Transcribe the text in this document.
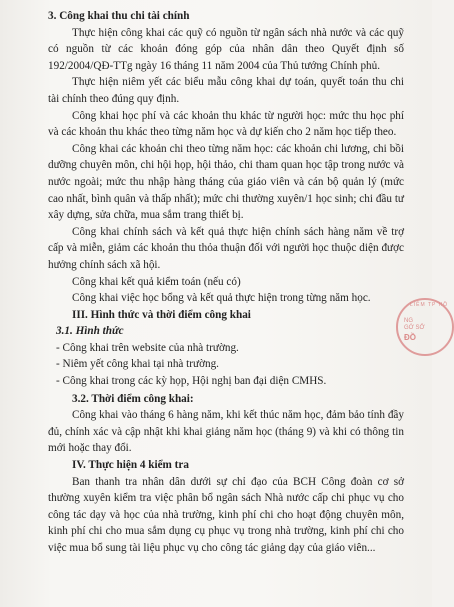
3. Công khai thu chi tài chính

Thực hiện công khai các quỹ có nguồn từ ngân sách nhà nước và các quỹ có nguồn từ các khoản đóng góp của nhân dân theo Quyết định số 192/2004/QĐ-TTg ngày 16 tháng 11 năm 2004 của Thủ tướng Chính phủ.

Thực hiện niêm yết các biểu mẫu công khai dự toán, quyết toán thu chi tài chính theo đúng quy định.

Công khai học phí và các khoản thu khác từ người học: mức thu học phí và các khoản thu khác theo từng năm học và dự kiến cho 2 năm học tiếp theo.

Công khai các khoản chi theo từng năm học: các khoản chi lương, chi bồi dưỡng chuyên môn, chi hội họp, hội thảo, chi tham quan học tập trong nước và nước ngoài; mức thu nhập hàng tháng của giáo viên và cán bộ quản lý (mức cao nhất, bình quân và thấp nhất); mức chi thường xuyên/1 học sinh; chi đầu tư xây dựng, sửa chữa, mua sắm trang thiết bị.

Công khai chính sách và kết quả thực hiện chính sách hàng năm về trợ cấp và miễn, giảm các khoản thu thỏa thuận đối với người học thuộc diện được hưởng chính sách xã hội.

Công khai kết quả kiểm toán (nếu có)

Công khai việc học bổng và kết quả thực hiện trong từng năm học.

III. Hình thức và thời điểm công khai

3.1. Hình thức

- Công khai trên website của nhà trường.

- Niêm yết công khai tại nhà trường.

- Công khai trong các kỳ họp, Hội nghị ban đại diện CMHS.

3.2. Thời điểm công khai:

Công khai vào tháng 6 hàng năm, khi kết thúc năm học, đảm bảo tính đầy đủ, chính xác và cập nhật khi khai giảng năm học (tháng 9) và khi có thông tin mới hoặc thay đổi.

IV. Thực hiện 4 kiểm tra

Ban thanh tra nhân dân dưới sự chỉ đạo của BCH Công đoàn cơ sở thường xuyên kiểm tra việc phân bổ ngân sách Nhà nước cấp chi phục vụ cho công tác dạy và học của nhà trường, kinh phí chi cho hoạt động chuyên môn, kinh phí chi cho mua sắm dụng cụ phục vụ trong nhà trường, kinh phí chi cho việc mua bổ sung tài liệu phục vụ cho công tác giảng dạy của giáo viên...

LIÊM TP HỒ
NG
GỚ SỞ

ĐỒ
